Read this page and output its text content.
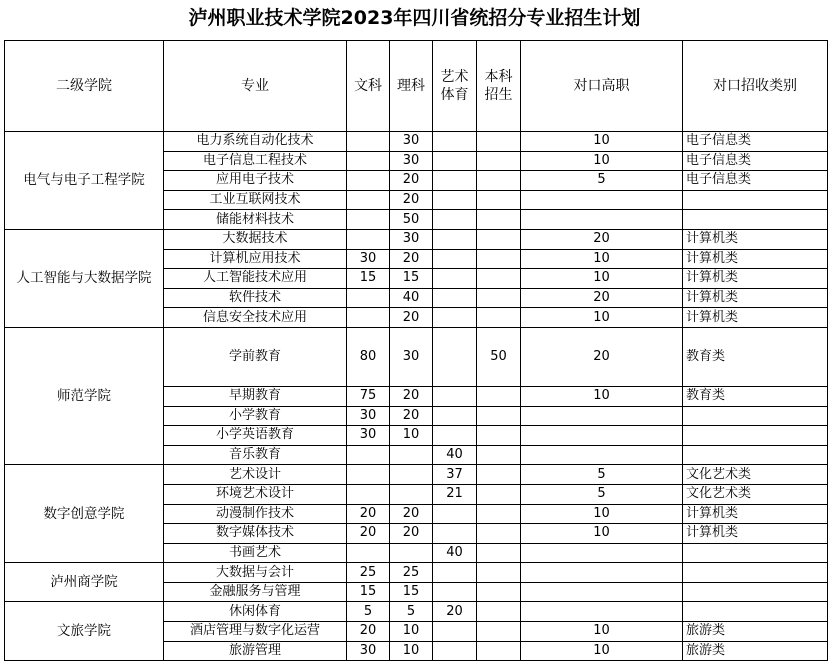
泸州职业技术学院2023年四川省统招分专业招生计划
二级学院	专业	文科	理科	艺术体育	本科招生	对口高职	对口招收类别
电气与电子工程学院	电力系统自动化技术		30			10	电子信息类
	电子信息工程技术		30			10	电子信息类
	应用电子技术		20			5	电子信息类
	工业互联网技术		20				
	储能材料技术		50				
人工智能与大数据学院	大数据技术		30			20	计算机类
	计算机应用技术	30	20			10	计算机类
	人工智能技术应用	15	15			10	计算机类
	软件技术		40			20	计算机类
	信息安全技术应用		20			10	计算机类
师范学院	学前教育	80	30		50	20	教育类
	早期教育	75	20			10	教育类
	小学教育	30	20				
	小学英语教育	30	10				
	音乐教育			40			
数字创意学院	艺术设计			37		5	文化艺术类
	环境艺术设计			21		5	文化艺术类
	动漫制作技术	20	20			10	计算机类
	数字媒体技术	20	20			10	计算机类
	书画艺术			40			
泸州商学院	大数据与会计	25	25				
	金融服务与管理	15	15				
文旅学院	休闲体育	5	5	20			
	酒店管理与数字化运营	20	10			10	旅游类
	旅游管理	30	10			10	旅游类
